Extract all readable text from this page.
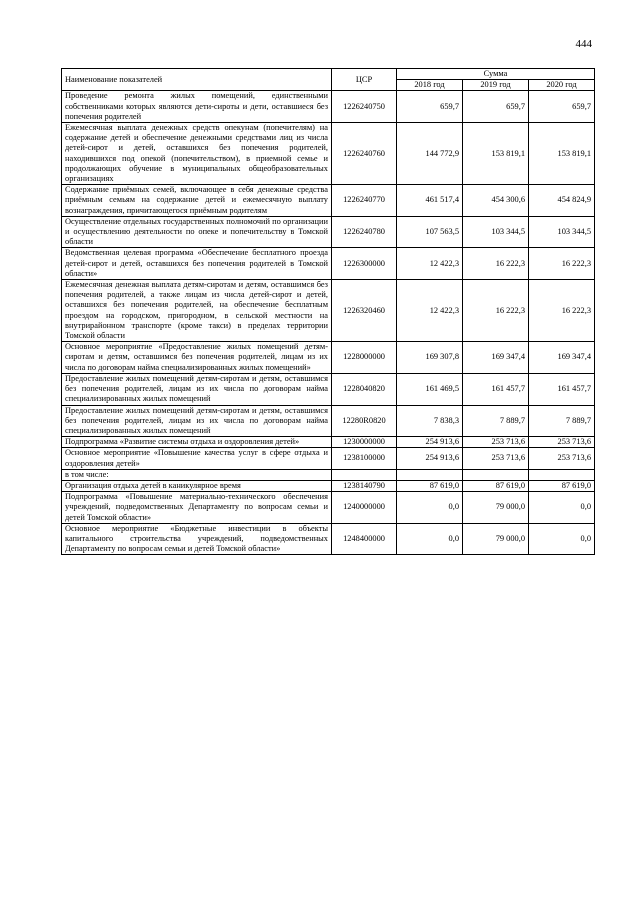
444
Наименование показателей	ЦСР	Сумма		
		2018 год	2019 год	2020 год
Проведение ремонта жилых помещений, единственными собственниками которых являются дети-сироты и дети, оставшиеся без попечения родителей	1226240750	659,7	659,7	659,7
Ежемесячная выплата денежных средств опекунам (попечителям) на содержание детей и обеспечение денежными средствами лиц из числа детей-сирот и детей, оставшихся без попечения родителей, находившихся под опекой (попечительством), в приемной семье и продолжающих обучение в муниципальных общеобразовательных организациях	1226240760	144 772,9	153 819,1	153 819,1
Содержание приёмных семей, включающее в себя денежные средства приёмным семьям на содержание детей и ежемесячную выплату вознаграждения, причитающегося приёмным родителям	1226240770	461 517,4	454 300,6	454 824,9
Осуществление отдельных государственных полномочий по организации и осуществлению деятельности по опеке и попечительству в Томской области	1226240780	107 563,5	103 344,5	103 344,5
Ведомственная целевая программа «Обеспечение бесплатного проезда детей-сирот и детей, оставшихся без попечения родителей в Томской области»	1226300000	12 422,3	16 222,3	16 222,3
Ежемесячная денежная выплата детям-сиротам и детям, оставшимся без попечения родителей, а также лицам из числа детей-сирот и детей, оставшихся без попечения родителей, на обеспечение бесплатным проездом на городском, пригородном, в сельской местности на внутрирайонном транспорте (кроме такси) в пределах территории Томской области	1226320460	12 422,3	16 222,3	16 222,3
Основное мероприятие «Предоставление жилых помещений детям-сиротам и детям, оставшимся без попечения родителей, лицам из их числа по договорам найма специализированных жилых помещений»	1228000000	169 307,8	169 347,4	169 347,4
Предоставление жилых помещений детям-сиротам и детям, оставшимся без попечения родителей, лицам из их числа по договорам найма специализированных жилых помещений	1228040820	161 469,5	161 457,7	161 457,7
Предоставление жилых помещений детям-сиротам и детям, оставшимся без попечения родителей, лицам из их числа по договорам найма специализированных жилых помещений	12280R0820	7 838,3	7 889,7	7 889,7
Подпрограмма «Развитие системы отдыха и оздоровления детей»	1230000000	254 913,6	253 713,6	253 713,6
Основное мероприятие «Повышение качества услуг в сфере отдыха и оздоровления детей»	1238100000	254 913,6	253 713,6	253 713,6
в том числе:				
Организация отдыха детей в каникулярное время	1238140790	87 619,0	87 619,0	87 619,0
Подпрограмма «Повышение материально-технического обеспечения учреждений, подведомственных Департаменту по вопросам семьи и детей Томской области»	1240000000	0,0	79 000,0	0,0
Основное мероприятие «Бюджетные инвестиции в объекты капитального строительства учреждений, подведомственных Департаменту по вопросам семьи и детей Томской области»	1248400000	0,0	79 000,0	0,0
